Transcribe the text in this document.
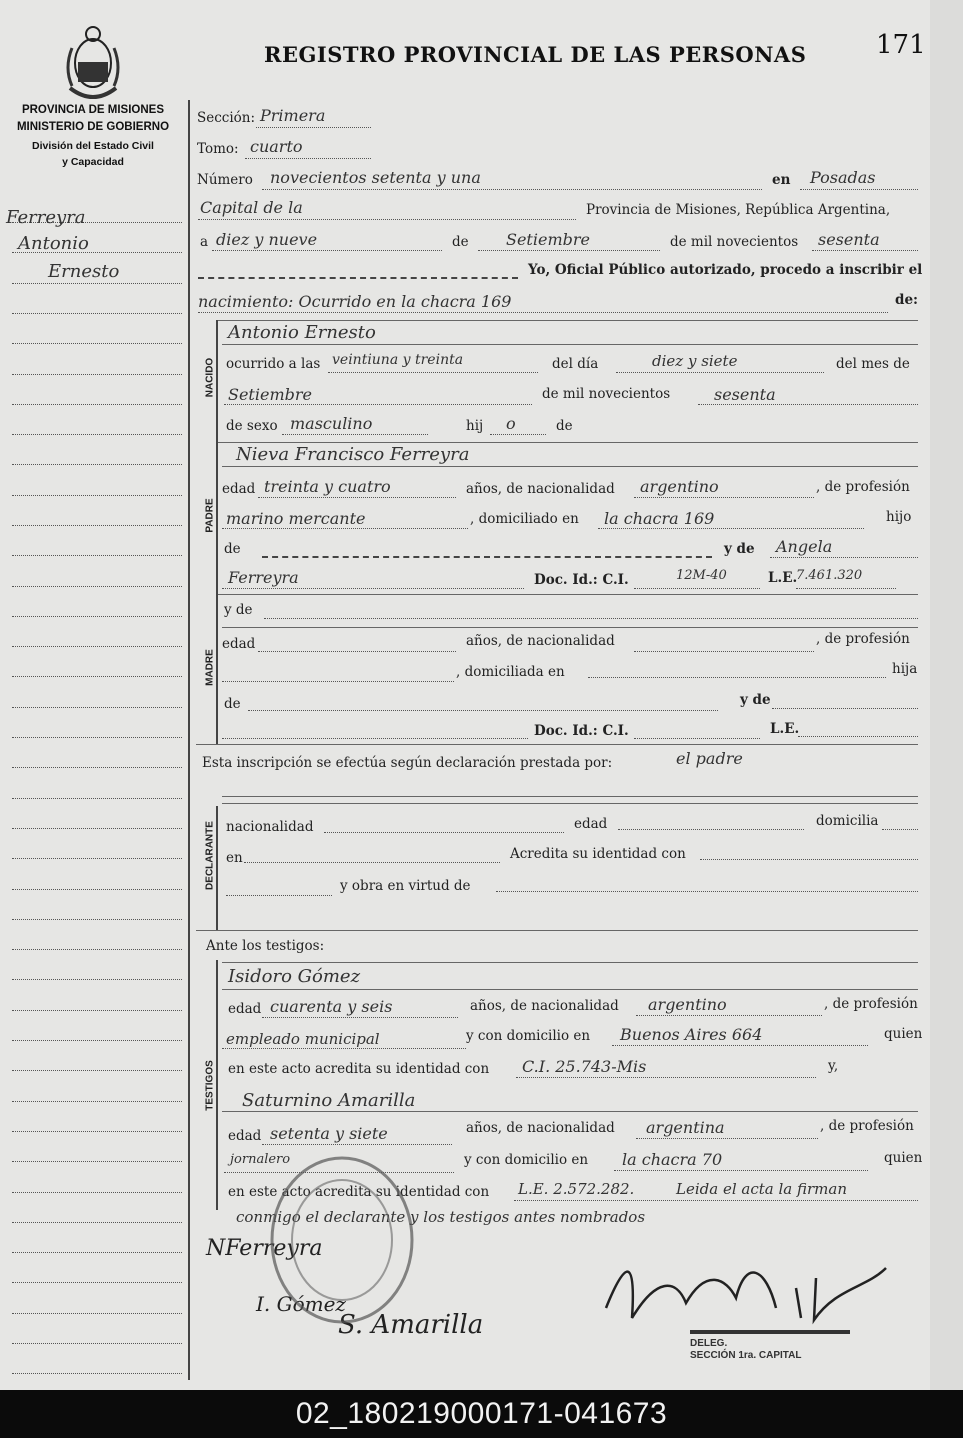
REGISTRO PROVINCIAL DE LAS PERSONAS	171
PROVINCIA DE MISIONES
MINISTERIO DE GOBIERNO
División del Estado Civil
y Capacidad
Ferreyra
Antonio
Ernesto
Sección: Primera
Tomo: cuarto
Número novecientos setenta y una	en Posadas
Capital de la	Provincia de Misiones, República Argentina,
a diez y nueve	de Setiembre	de mil novecientos sesenta
Yo, Oficial Público autorizado, procedo a inscribir el
nacimiento: Ocurrido en la chacra 169	de:
NACIDO
Antonio Ernesto
ocurrido a las veintiuna y treinta	del día	diez y siete	del mes de
Setiembre	de mil novecientos	sesenta
de sexo masculino	hij o	de
PADRE
Nieva Francisco Ferreyra
edad treinta y cuatro	años, de nacionalidad argentino	, de profesión
marino mercante	, domiciliado en la chacra 169	hijo
de	y de Angela
Ferreyra	Doc. Id.: C.I.	12M-40	L.E.
7.461.320
MADRE
y de
edad	años, de nacionalidad	, de profesión
, domiciliada en	hija
de	y de
Doc. Id.: C.I.	L.E.
Esta inscripción se efectúa según declaración prestada por:	el padre
DECLARANTE nacionalidad	edad	domicilia
en	Acredita su identidad con
y obra en virtud de
Ante los testigos:
TESTIGOS
Isidoro Gómez
edad cuarenta y seis	años, de nacionalidad argentino	, de profesión
empleado municipal	y con domicilio en Buenos Aires 664	quien
en este acto acredita su identidad con C.I. 25.743-Mis	y,
Saturnino Amarilla
edad setenta y siete	años, de nacionalidad argentina	, de profesión
jornalero	y con domicilio en la chacra 70	quien
en este acto acredita su identidad con L.E. 2.572.282.	Leida el acta la firman
conmigo el declarante y los testigos antes nombrados
NFerreyra
I. Gómez
S. Amarilla
DELEG.
SECCIÓN 1ra. CAPITAL
02_180219000171-041673
